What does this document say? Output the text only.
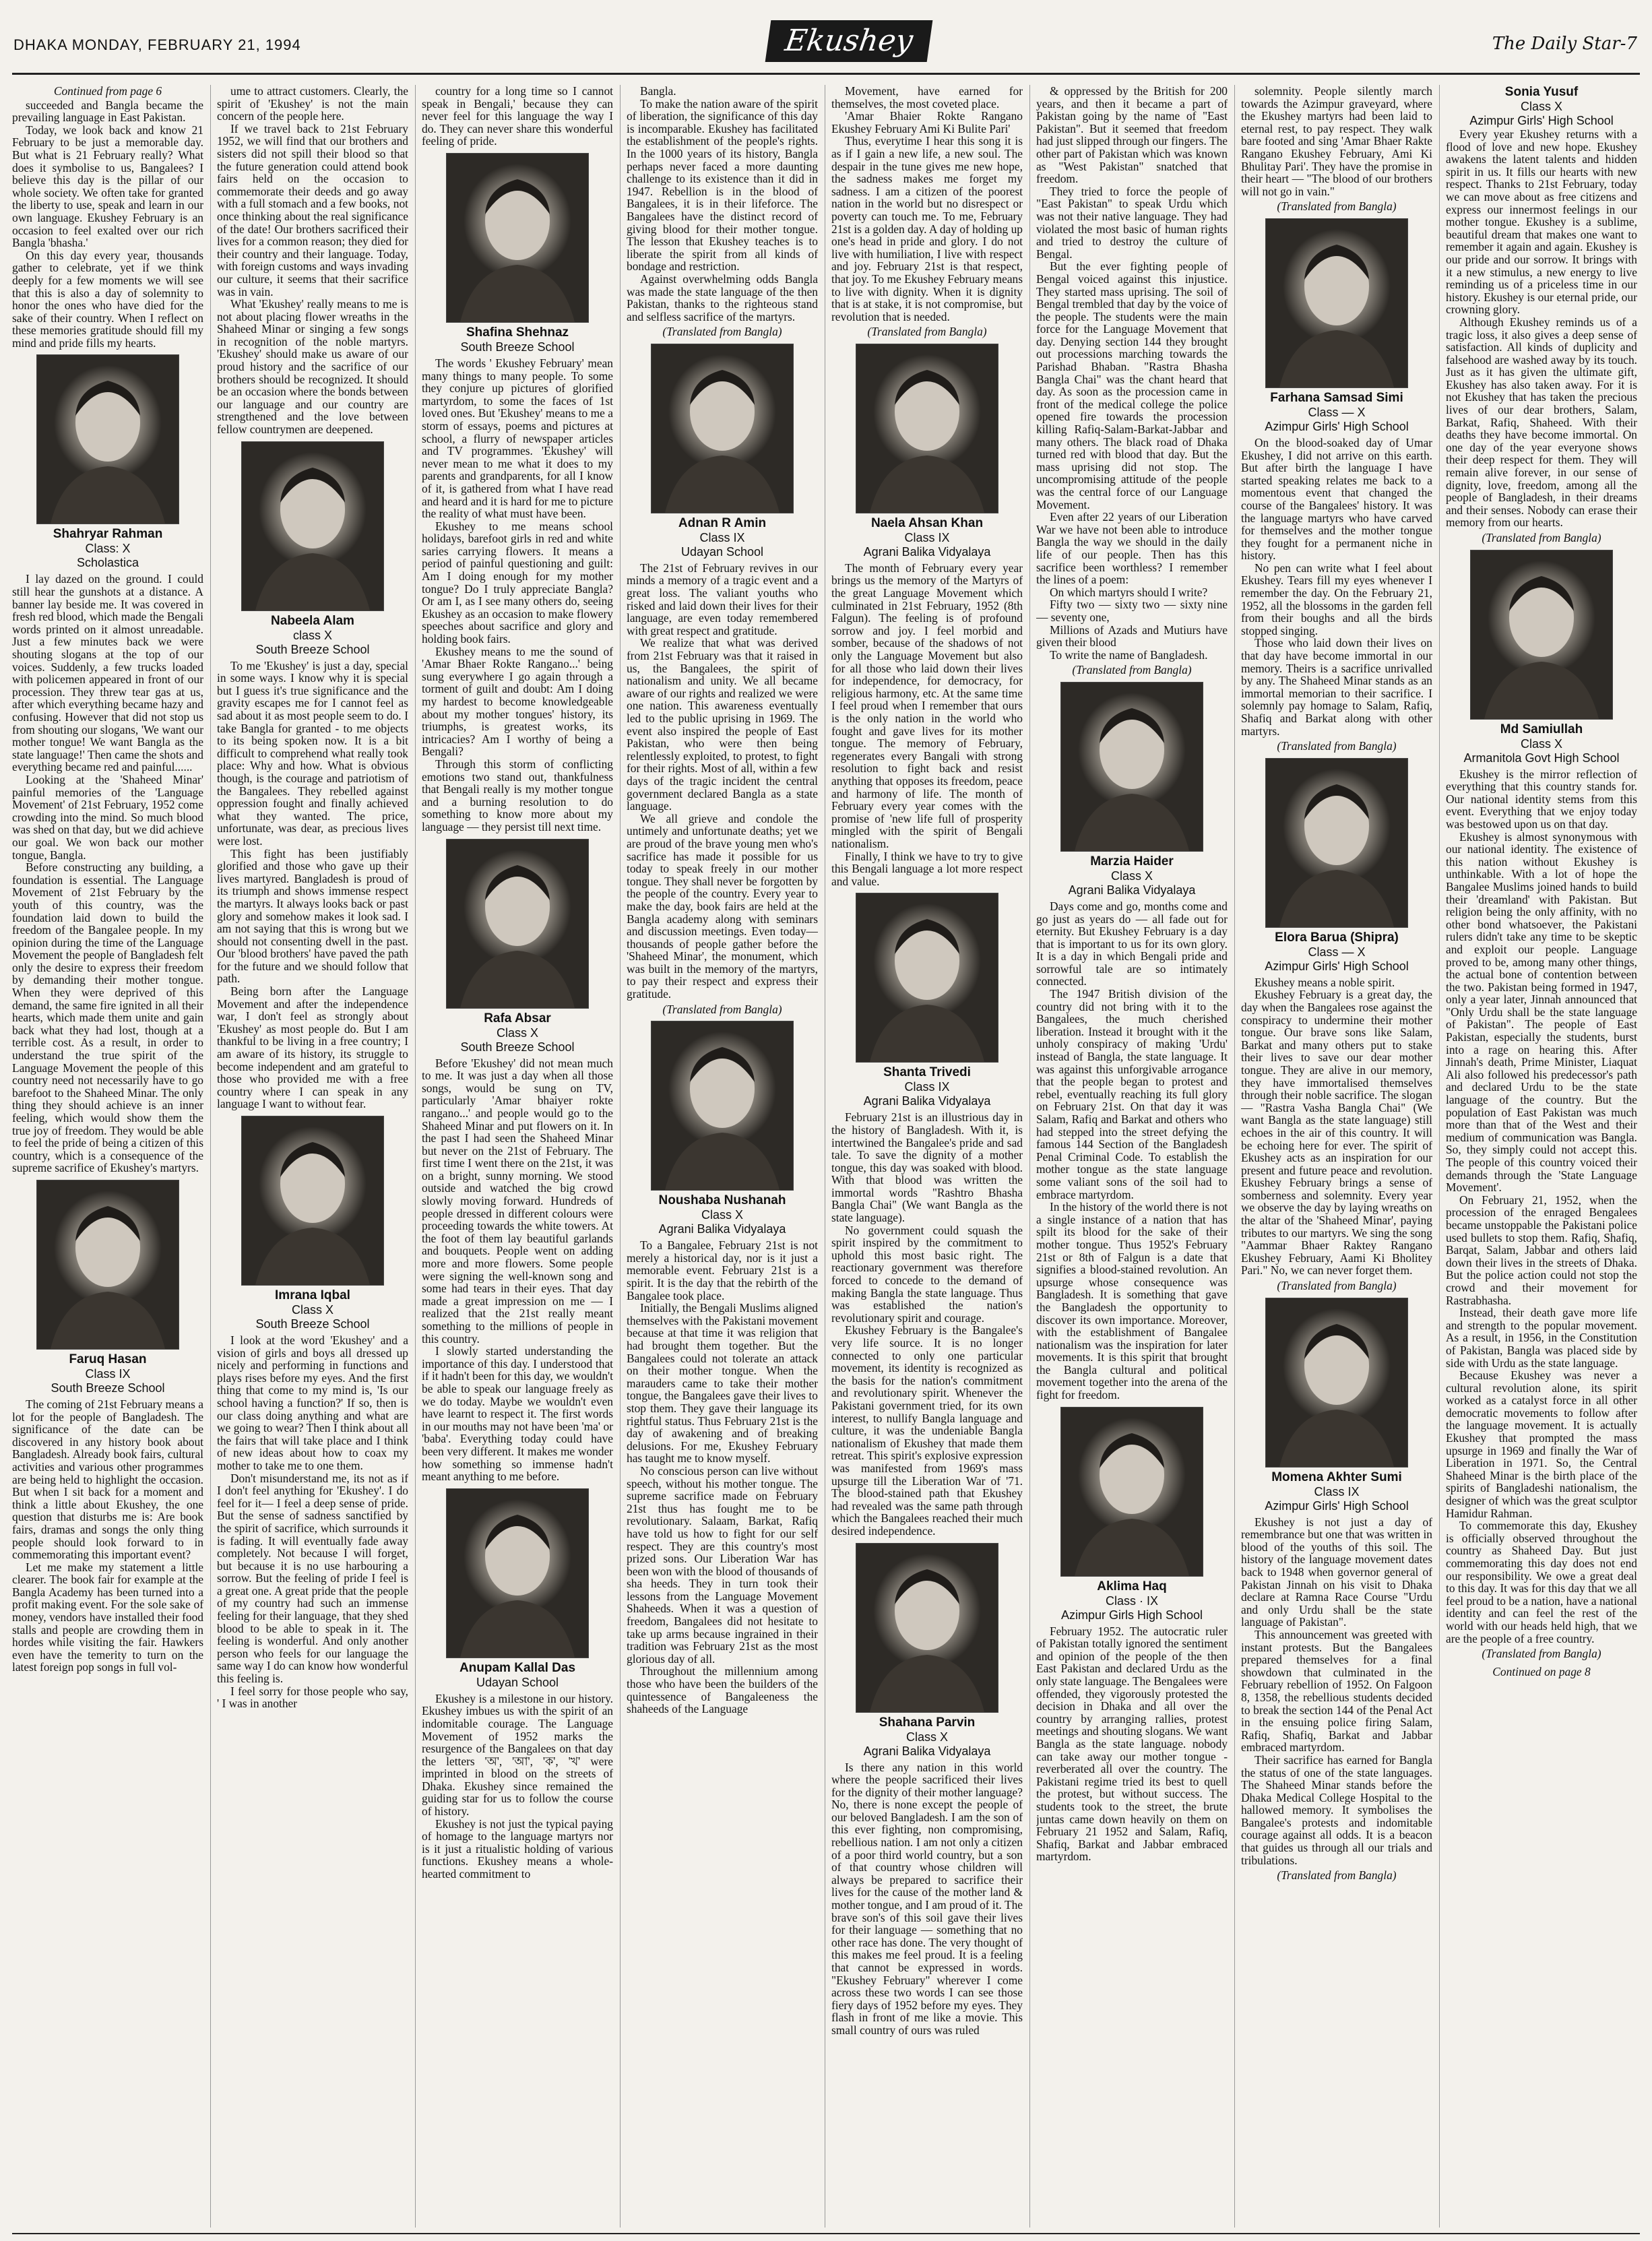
DHAKA MONDAY, FEBRUARY 21, 1994	Ekushey	The Daily Star-7

Continued from page 6

succeeded and Bangla became the prevailing language in East Pakistan.

Today, we look back and know 21 February to be just a memorable day. But what is 21 February really? What does it symbolise to us, Bangalees? I believe this day is the pillar of our whole society. We often take for granted the liberty to use, speak and learn in our own language. Ekushey February is an occasion to feel exalted over our rich Bangla 'bhasha.'

On this day every year, thousands gather to celebrate, yet if we think deeply for a few moments we will see that this is also a day of solemnity to honor the ones who have died for the sake of their country. When I reflect on these memories gratitude should fill my mind and pride fills my hearts.

Shahryar Rahman
Class: X
Scholastica

I lay dazed on the ground. I could still hear the gunshots at a distance. A banner lay beside me. It was covered in fresh red blood, which made the Bengali words printed on it almost unreadable. Just a few minutes back we were shouting slogans at the top of our voices. Suddenly, a few trucks loaded with policemen appeared in front of our procession. They threw tear gas at us, after which everything became hazy and confusing. However that did not stop us from shouting our slogans, 'We want our mother tongue! We want Bangla as the state language!' Then came the shots and everything became red and painful......

Looking at the 'Shaheed Minar' painful memories of the 'Language Movement' of 21st February, 1952 come crowding into the mind. So much blood was shed on that day, but we did achieve our goal. We won back our mother tongue, Bangla.

Before constructing any building, a foundation is essential. The Language Movement of 21st February by the youth of this country, was the foundation laid down to build the freedom of the Bangalee people. In my opinion during the time of the Language Movement the people of Bangladesh felt only the desire to express their freedom by demanding their mother tongue. When they were deprived of this demand, the same fire ignited in all their hearts, which made them unite and gain back what they had lost, though at a terrible cost. As a result, in order to understand the true spirit of the Language Movement the people of this country need not necessarily have to go barefoot to the Shaheed Minar. The only thing they should achieve is an inner feeling, which would show them the true joy of freedom. They would be able to feel the pride of being a citizen of this country, which is a consequence of the supreme sacrifice of Ekushey's martyrs.

Faruq Hasan
Class IX
South Breeze School

The coming of 21st February means a lot for the people of Bangladesh. The significance of the date can be discovered in any history book about Bangladesh. Already book fairs, cultural activities and various other programmes are being held to highlight the occasion. But when I sit back for a moment and think a little about Ekushey, the one question that disturbs me is: Are book fairs, dramas and songs the only thing people should look forward to in commemorating this important event?

Let me make my statement a little clearer. The book fair for example at the Bangla Academy has been turned into a profit making event. For the sole sake of money, vendors have installed their food stalls and people are crowding them in hordes while visiting the fair. Hawkers even have the temerity to turn on the latest foreign pop songs in full vol-

ume to attract customers. Clearly, the spirit of 'Ekushey' is not the main concern of the people here.

If we travel back to 21st February 1952, we will find that our brothers and sisters did not spill their blood so that the future generation could attend book fairs held on the occasion to commemorate their deeds and go away with a full stomach and a few books, not once thinking about the real significance of the date! Our brothers sacrificed their lives for a common reason; they died for their country and their language. Today, with foreign customs and ways invading our culture, it seems that their sacrifice was in vain.

What 'Ekushey' really means to me is not about placing flower wreaths in the Shaheed Minar or singing a few songs in recognition of the noble martyrs. 'Ekushey' should make us aware of our proud history and the sacrifice of our brothers should be recognized. It should be an occasion where the bonds between our language and our country are strengthened and the love between fellow countrymen are deepened.

Nabeela Alam
class X
South Breeze School

To me 'Ekushey' is just a day, special in some ways. I know why it is special but I guess it's true significance and the gravity escapes me for I cannot feel as sad about it as most people seem to do. I take Bangla for granted - to me objects to its being spoken now. It is a bit difficult to comprehend what really took place: Why and how. What is obvious though, is the courage and patriotism of the Bangalees. They rebelled against oppression fought and finally achieved what they wanted. The price, unfortunate, was dear, as precious lives were lost.

This fight has been justifiably glorified and those who gave up their lives martyred. Bangladesh is proud of its triumph and shows immense respect the martyrs. It always looks back or past glory and somehow makes it look sad. I am not saying that this is wrong but we should not consenting dwell in the past. Our 'blood brothers' have paved the path for the future and we should follow that path.

Being born after the Language Movement and after the independence war, I don't feel as strongly about 'Ekushey' as most people do. But I am thankful to be living in a free country; I am aware of its history, its struggle to become independent and am grateful to those who provided me with a free country where I can speak in any language I want to without fear.

Imrana Iqbal
Class X
South Breeze School

I look at the word 'Ekushey' and a vision of girls and boys all dressed up nicely and performing in functions and plays rises before my eyes. And the first thing that come to my mind is, 'Is our school having a function?' If so, then is our class doing anything and what are we going to wear? Then I think about all the fairs that will take place and I think of new ideas about how to coax my mother to take me to one them.

Don't misunderstand me, its not as if I don't feel anything for 'Ekushey'. I do feel for it— I feel a deep sense of pride. But the sense of sadness sanctified by the spirit of sacrifice, which surrounds it is fading. It will eventually fade away completely. Not because I will forget, but because it is no use harbouring a sorrow. But the feeling of pride I feel is a great one. A great pride that the people of my country had such an immense feeling for their language, that they shed blood to be able to speak in it. The feeling is wonderful. And only another person who feels for our language the same way I do can know how wonderful this feeling is.

I feel sorry for those people who say, ' I was in another

country for a long time so I cannot speak in Bengali,' because they can never feel for this language the way I do. They can never share this wonderful feeling of pride.

Shafina Shehnaz
South Breeze School

The words ' Ekushey February' mean many things to many people. To some they conjure up pictures of glorified martyrdom, to some the faces of 1st loved ones. But 'Ekushey' means to me a storm of essays, poems and pictures at school, a flurry of newspaper articles and TV programmes. 'Ekushey' will never mean to me what it does to my parents and grandparents, for all I know of it, is gathered from what I have read and heard and it is hard for me to picture the reality of what must have been.

Ekushey to me means school holidays, barefoot girls in red and white saries carrying flowers. It means a period of painful questioning and guilt: Am I doing enough for my mother tongue? Do I truly appreciate Bangla? Or am I, as I see many others do, seeing Ekushey as an occasion to make flowery speeches about sacrifice and glory and holding book fairs.

Ekushey means to me the sound of 'Amar Bhaer Rokte Rangano...' being sung everywhere I go again through a torment of guilt and doubt: Am I doing my hardest to become knowledgeable about my mother tongues' history, its triumphs, is greatest works, its intricacies? Am I worthy of being a Bengali?

Through this storm of conflicting emotions two stand out, thankfulness that Bengali really is my mother tongue and a burning resolution to do something to know more about my language — they persist till next time.

Rafa Absar
Class X
South Breeze School

Before 'Ekushey' did not mean much to me. It was just a day when all those songs, would be sung on TV, particularly 'Amar bhaiyer rokte rangano...' and people would go to the Shaheed Minar and put flowers on it. In the past I had seen the Shaheed Minar but never on the 21st of February. The first time I went there on the 21st, it was on a bright, sunny morning. We stood outside and watched the big crowd slowly moving forward. Hundreds of people dressed in different colours were proceeding towards the white towers. At the foot of them lay beautiful garlands and bouquets. People went on adding more and more flowers. Some people were signing the well-known song and some had tears in their eyes. That day made a great impression on me — I realized that the 21st really meant something to the millions of people in this country.

I slowly started understanding the importance of this day. I understood that if it hadn't been for this day, we wouldn't be able to speak our language freely as we do today. Maybe we wouldn't even have learnt to respect it. The first words in our mouths may not have been 'ma' or 'baba'. Everything today could have been very different. It makes me wonder how something so immense hadn't meant anything to me before.

Anupam Kallal Das
Udayan School

Ekushey is a milestone in our history. Ekushey imbues us with the spirit of an indomitable courage. The Language Movement of 1952 marks the resurgence of the Bangalees on that day the letters 'অ', 'আ', 'ক', 'খ' were imprinted in blood on the streets of Dhaka. Ekushey since remained the guiding star for us to follow the course of history.

Ekushey is not just the typical paying of homage to the language martyrs nor is it just a ritualistic holding of various functions. Ekushey means a whole-hearted commitment to

Bangla.

To make the nation aware of the spirit of liberation, the significance of this day is incomparable. Ekushey has facilitated the establishment of the people's rights. In the 1000 years of its history, Bangla perhaps never faced a more daunting challenge to its existence than it did in 1947. Rebellion is in the blood of Bangalees, it is in their lifeforce. The Bangalees have the distinct record of giving blood for their mother tongue. The lesson that Ekushey teaches is to liberate the spirit from all kinds of bondage and restriction.

Against overwhelming odds Bangla was made the state language of the then Pakistan, thanks to the righteous stand and selfless sacrifice of the martyrs.

(Translated from Bangla)

Adnan R Amin
Class IX
Udayan School

The 21st of February revives in our minds a memory of a tragic event and a great loss. The valiant youths who risked and laid down their lives for their language, are even today remembered with great respect and gratitude.

We realize that what was derived from 21st February was that it raised in us, the Bangalees, the spirit of nationalism and unity. We all became aware of our rights and realized we were one nation. This awareness eventually led to the public uprising in 1969. The event also inspired the people of East Pakistan, who were then being relentlessly exploited, to protest, to fight for their rights. Most of all, within a few days of the tragic incident the central government declared Bangla as a state language.

We all grieve and condole the untimely and unfortunate deaths; yet we are proud of the brave young men who's sacrifice has made it possible for us today to speak freely in our mother tongue. They shall never be forgotten by the people of the country. Every year to make the day, book fairs are held at the Bangla academy along with seminars and discussion meetings. Even today— thousands of people gather before the 'Shaheed Minar', the monument, which was built in the memory of the martyrs, to pay their respect and express their gratitude.

(Translated from Bangla)

Noushaba Nushanah
Class X
Agrani Balika Vidyalaya

To a Bangalee, February 21st is not merely a historical day, nor is it just a memorable event. February 21st is a spirit. It is the day that the rebirth of the Bangalee took place.

Initially, the Bengali Muslims aligned themselves with the Pakistani movement because at that time it was religion that had brought them together. But the Bangalees could not tolerate an attack on their mother tongue. When the marauders came to take their mother tongue, the Bangalees gave their lives to stop them. They gave their language its rightful status. Thus February 21st is the day of awakening and of breaking delusions. For me, Ekushey February has taught me to know myself.

No conscious person can live without speech, without his mother tongue. The supreme sacrifice made on February 21st thus has fought me to be revolutionary. Salaam, Barkat, Rafiq have told us how to fight for our self respect. They are this country's most prized sons. Our Liberation War has been won with the blood of thousands of sha heeds. They in turn took their lessons from the Language Movement Shaheeds. When it was a question of freedom, Bangalees did not hesitate to take up arms because ingrained in their tradition was February 21st as the most glorious day of all.

Throughout the millennium among those who have been the builders of the quintessence of Bangaleeness the shaheeds of the Language

Movement, have earned for themselves, the most coveted place.

'Amar Bhaier Rokte Rangano Ekushey February Ami Ki Bulite Pari'

Thus, everytime I hear this song it is as if I gain a new life, a new soul. The despair in the tune gives me new hope, the sadness makes me forget my sadness. I am a citizen of the poorest nation in the world but no disrespect or poverty can touch me. To me, February 21st is a golden day. A day of holding up one's head in pride and glory. I do not live with humiliation, I live with respect and joy. February 21st is that respect, that joy. To me Ekushey February means to live with dignity. When it is dignity that is at stake, it is not compromise, but revolution that is needed.

(Translated from Bangla)

Naela Ahsan Khan
Class IX
Agrani Balika Vidyalaya

The month of February every year brings us the memory of the Martyrs of the great Language Movement which culminated in 21st February, 1952 (8th Falgun). The feeling is of profound sorrow and joy. I feel morbid and somber, because of the shadows of not only the Language Movement but also for all those who laid down their lives for independence, for democracy, for religious harmony, etc. At the same time I feel proud when I remember that ours is the only nation in the world who fought and gave lives for its mother tongue. The memory of February, regenerates every Bangali with strong resolution to fight back and resist anything that opposes its freedom, peace and harmony of life. The month of February every year comes with the promise of 'new life full of prosperity mingled with the spirit of Bengali nationalism.

Finally, I think we have to try to give this Bengali language a lot more respect and value.

Shanta Trivedi
Class IX
Agrani Balika Vidyalaya

February 21st is an illustrious day in the history of Bangladesh. With it, is intertwined the Bangalee's pride and sad tale. To save the dignity of a mother tongue, this day was soaked with blood. With that blood was written the immortal words "Rashtro Bhasha Bangla Chai" (We want Bangla as the state language).

No government could squash the spirit inspired by the commitment to uphold this most basic right. The reactionary government was therefore forced to concede to the demand of making Bangla the state language. Thus was established the nation's revolutionary spirit and courage.

Ekushey February is the Bangalee's very life source. It is no longer connected to only one particular movement, its identity is recognized as the basis for the nation's commitment and revolutionary spirit. Whenever the Pakistani government tried, for its own interest, to nullify Bangla language and culture, it was the undeniable Bangla nationalism of Ekushey that made them retreat. This spirit's explosive expression was manifested from 1969's mass upsurge till the Liberation War of '71. The blood-stained path that Ekushey had revealed was the same path through which the Bangalees reached their much desired independence.

Shahana Parvin
Class X
Agrani Balika Vidyalaya

Is there any nation in this world where the people sacrificed their lives for the dignity of their mother language? No, there is none except the people of our beloved Bangladesh. I am the son of this ever fighting, non compromising, rebellious nation. I am not only a citizen of a poor third world country, but a son of that country whose children will always be prepared to sacrifice their lives for the cause of the mother land & mother tongue, and I am proud of it. The brave son's of this soil gave their lives for their language — something that no other race has done. The very thought of this makes me feel proud. It is a feeling that cannot be expressed in words. "Ekushey February" wherever I come across these two words I can see those fiery days of 1952 before my eyes. They flash in front of me like a movie. This small country of ours was ruled

& oppressed by the British for 200 years, and then it became a part of Pakistan going by the name of "East Pakistan". But it seemed that freedom had just slipped through our fingers. The other part of Pakistan which was known as "West Pakistan" snatched that freedom.

They tried to force the people of "East Pakistan" to speak Urdu which was not their native language. They had violated the most basic of human rights and tried to destroy the culture of Bengal.

But the ever fighting people of Bengal voiced against this injustice. They started mass uprising. The soil of Bengal trembled that day by the voice of the people. The students were the main force for the Language Movement that day. Denying section 144 they brought out processions marching towards the Parishad Bhaban. "Rastra Bhasha Bangla Chai" was the chant heard that day. As soon as the procession came in front of the medical college the police opened fire towards the procession killing Rafiq-Salam-Barkat-Jabbar and many others. The black road of Dhaka turned red with blood that day. But the mass uprising did not stop. The uncompromising attitude of the people was the central force of our Language Movement.

Even after 22 years of our Liberation War we have not been able to introduce Bangla the way we should in the daily life of our people. Then has this sacrifice been worthless? I remember the lines of a poem:

On which martyrs should I write?

Fifty two — sixty two — sixty nine — seventy one,

Millions of Azads and Mutiurs have given their blood

To write the name of Bangladesh.

(Translated from Bangla)

Marzia Haider
Class X
Agrani Balika Vidyalaya

Days come and go, months come and go just as years do — all fade out for eternity. But Ekushey February is a day that is important to us for its own glory. It is a day in which Bengali pride and sorrowful tale are so intimately connected.

The 1947 British division of the country did not bring with it to the Bangalees, the much cherished liberation. Instead it brought with it the unholy conspiracy of making 'Urdu' instead of Bangla, the state language. It was against this unforgivable arrogance that the people began to protest and rebel, eventually reaching its full glory on February 21st. On that day it was Salam, Rafiq and Barkat and others who had stepped into the street defying the famous 144 Section of the Bangladesh Penal Criminal Code. To establish the mother tongue as the state language some valiant sons of the soil had to embrace martyrdom.

In the history of the world there is not a single instance of a nation that has spilt its blood for the sake of their mother tongue. Thus 1952's February 21st or 8th of Falgun is a date that signifies a blood-stained revolution. An upsurge whose consequence was Bangladesh. It is something that gave the Bangladesh the opportunity to discover its own importance. Moreover, with the establishment of Bangalee nationalism was the inspiration for later movements. It is this spirit that brought the Bangla cultural and political movement together into the arena of the fight for freedom.

Aklima Haq
Class · IX
Azimpur Girls High School

February 1952. The autocratic ruler of Pakistan totally ignored the sentiment and opinion of the people of the then East Pakistan and declared Urdu as the only state language. The Bengalees were offended, they vigorously protested the decision in Dhaka and all over the country by arranging rallies, protest meetings and shouting slogans. We want Bangla as the state language. nobody can take away our mother tongue - reverberated all over the country. The Pakistani regime tried its best to quell the protest, but without success. The students took to the street, the brute juntas came down heavily on them on February 21 1952 and Salam, Rafiq, Shafiq, Barkat and Jabbar embraced martyrdom.

solemnity. People silently march towards the Azimpur graveyard, where the Ekushey martyrs had been laid to eternal rest, to pay respect. They walk bare footed and sing 'Amar Bhaer Rakte Rangano Ekushey February, Ami Ki Bhulitay Pari'. They have the promise in their heart — "The blood of our brothers will not go in vain."

(Translated from Bangla)

Farhana Samsad Simi
Class — X
Azimpur Girls' High School

On the blood-soaked day of Umar Ekushey, I did not arrive on this earth. But after birth the language I have started speaking relates me back to a momentous event that changed the course of the Bangalees' history. It was the language martyrs who have carved for themselves and the mother tongue they fought for a permanent niche in history.

No pen can write what I feel about Ekushey. Tears fill my eyes whenever I remember the day. On the February 21, 1952, all the blossoms in the garden fell from their boughs and all the birds stopped singing.

Those who laid down their lives on that day have become immortal in our memory. Theirs is a sacrifice unrivalled by any. The Shaheed Minar stands as an immortal memorian to their sacrifice. I solemnly pay homage to Salam, Rafiq, Shafiq and Barkat along with other martyrs.

(Translated from Bangla)

Elora Barua (Shipra)
Class — X
Azimpur Girls' High School

Ekushey means a noble spirit.

Ekushey February is a great day, the day when the Bangalees rose against the conspiracy to undermine their mother tongue. Our brave sons like Salam, Barkat and many others put to stake their lives to save our dear mother tongue. They are alive in our memory, they have immortalised themselves through their noble sacrifice. The slogan — "Rastra Vasha Bangla Chai" (We want Bangla as the state language) still echoes in the air of this country. It will be echoing here for ever. The spirit of Ekushey acts as an inspiration for our present and future peace and revolution. Ekushey February brings a sense of somberness and solemnity. Every year we observe the day by laying wreaths on the altar of the 'Shaheed Minar', paying tributes to our martyrs. We sing the song "Aammar Bhaer Raktey Rangano Ekushey February, Aami Ki Bholitey Pari." No, we can never forget them.

(Translated from Bangla)

Momena Akhter Sumi
Class IX
Azimpur Girls' High School

Ekushey is not just a day of remembrance but one that was written in blood of the youths of this soil. The history of the language movement dates back to 1948 when governor general of Pakistan Jinnah on his visit to Dhaka declare at Ramna Race Course "Urdu and only Urdu shall be the state language of Pakistan".

This announcement was greeted with instant protests. But the Bangalees prepared themselves for a final showdown that culminated in the February rebellion of 1952. On Falgoon 8, 1358, the rebellious students decided to break the section 144 of the Penal Act in the ensuing police firing Salam, Rafiq, Shafiq, Barkat and Jabbar embraced martyrdom.

Their sacrifice has earned for Bangla the status of one of the state languages. The Shaheed Minar stands before the Dhaka Medical College Hospital to the hallowed memory. It symbolises the Bangalee's protests and indomitable courage against all odds. It is a beacon that guides us through all our trials and tribulations.

(Translated from Bangla)

Sonia Yusuf
Class X
Azimpur Girls' High School

Every year Ekushey returns with a flood of love and new hope. Ekushey awakens the latent talents and hidden spirit in us. It fills our hearts with new respect. Thanks to 21st February, today we can move about as free citizens and express our innermost feelings in our mother tongue. Ekushey is a sublime, beautiful dream that makes one want to remember it again and again. Ekushey is our pride and our sorrow. It brings with it a new stimulus, a new energy to live reminding us of a priceless time in our history. Ekushey is our eternal pride, our crowning glory.

Although Ekushey reminds us of a tragic loss, it also gives a deep sense of satisfaction. All kinds of duplicity and falsehood are washed away by its touch. Just as it has given the ultimate gift, Ekushey has also taken away. For it is not Ekushey that has taken the precious lives of our dear brothers, Salam, Barkat, Rafiq, Shaheed. With their deaths they have become immortal. On one day of the year everyone shows their deep respect for them. They will remain alive forever, in our sense of dignity, love, freedom, among all the people of Bangladesh, in their dreams and their senses. Nobody can erase their memory from our hearts.

(Translated from Bangla)

Md Samiullah
Class X
Armanitola Govt High School

Ekushey is the mirror reflection of everything that this country stands for. Our national identity stems from this event. Everything that we enjoy today was bestowed upon us on that day.

Ekushey is almost synonymous with our national identity. The existence of this nation without Ekushey is unthinkable. With a lot of hope the Bangalee Muslims joined hands to build their 'dreamland' with Pakistan. But religion being the only affinity, with no other bond whatsoever, the Pakistani rulers didn't take any time to be skeptic and exploit our people. Language proved to be, among many other things, the actual bone of contention between the two. Pakistan being formed in 1947, only a year later, Jinnah announced that "Only Urdu shall be the state language of Pakistan". The people of East Pakistan, especially the students, burst into a rage on hearing this. After Jinnah's death, Prime Minister, Liaquat Ali also followed his predecessor's path and declared Urdu to be the state language of the country. But the population of East Pakistan was much more than that of the West and their medium of communication was Bangla. So, they simply could not accept this. The people of this country voiced their demands through the 'State Language Movement'.

On February 21, 1952, when the procession of the enraged Bengalees became unstoppable the Pakistani police used bullets to stop them. Rafiq, Shafiq, Barqat, Salam, Jabbar and others laid down their lives in the streets of Dhaka. But the police action could not stop the crowd and their movement for Rastrabhasha.

Instead, their death gave more life and strength to the popular movement. As a result, in 1956, in the Constitution of Pakistan, Bangla was placed side by side with Urdu as the state language.

Because Ekushey was never a cultural revolution alone, its spirit worked as a catalyst force in all other democratic movements to follow after the language movement. It is actually Ekushey that prompted the mass upsurge in 1969 and finally the War of Liberation in 1971. So, the Central Shaheed Minar is the birth place of the spirits of Bangladeshi nationalism, the designer of which was the great sculptor Hamidur Rahman.

To commemorate this day, Ekushey is officially observed throughout the country as Shaheed Day. But just commemorating this day does not end our responsibility. We owe a great deal to this day. It was for this day that we all feel proud to be a nation, have a national identity and can feel the rest of the world with our heads held high, that we are the people of a free country.

(Translated from Bangla)

Continued on page 8
